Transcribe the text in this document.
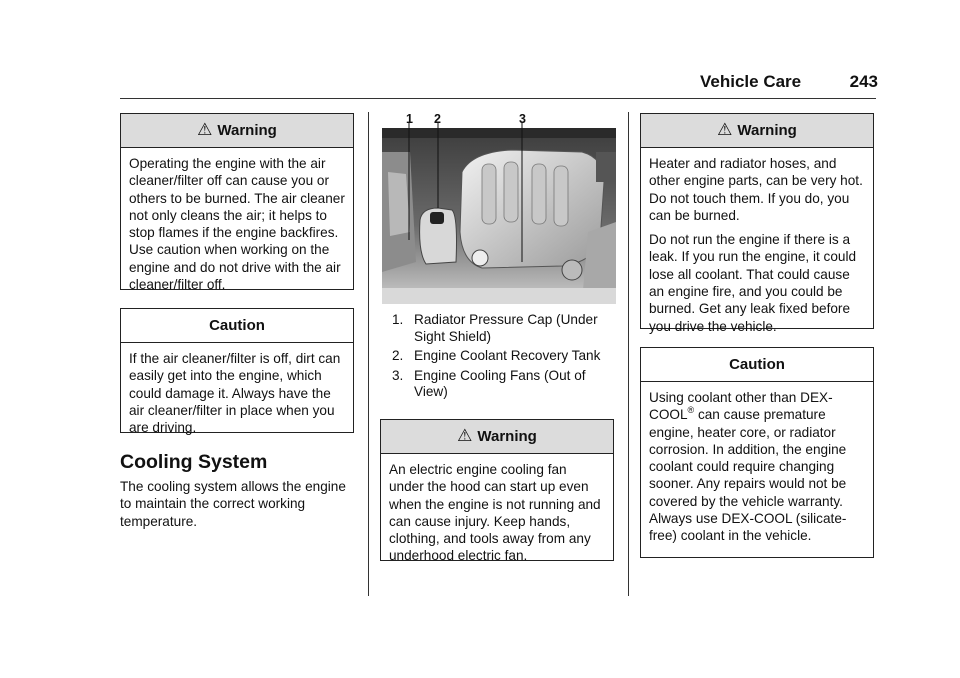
Vehicle Care	243
⚠ Warning
Operating the engine with the air cleaner/filter off can cause you or others to be burned. The air cleaner not only cleans the air; it helps to stop flames if the engine backfires. Use caution when working on the engine and do not drive with the air cleaner/filter off.
Caution
If the air cleaner/filter is off, dirt can easily get into the engine, which could damage it. Always have the air cleaner/filter in place when you are driving.
Cooling System
The cooling system allows the engine to maintain the correct working temperature.
1 2	3
1. Radiator Pressure Cap (Under Sight Shield)
2. Engine Coolant Recovery Tank
3. Engine Cooling Fans (Out of View)
⚠ Warning
An electric engine cooling fan under the hood can start up even when the engine is not running and can cause injury. Keep hands, clothing, and tools away from any underhood electric fan.
⚠ Warning

Heater and radiator hoses, and other engine parts, can be very hot. Do not touch them. If you do, you can be burned.

Do not run the engine if there is a leak. If you run the engine, it could lose all coolant. That could cause an engine fire, and you could be burned. Get any leak fixed before you drive the vehicle.

Caution
Using coolant other than DEX-COOL® can cause premature engine, heater core, or radiator corrosion. In addition, the engine coolant could require changing sooner. Any repairs would not be covered by the vehicle warranty. Always use DEX-COOL (silicate-free) coolant in the vehicle.
